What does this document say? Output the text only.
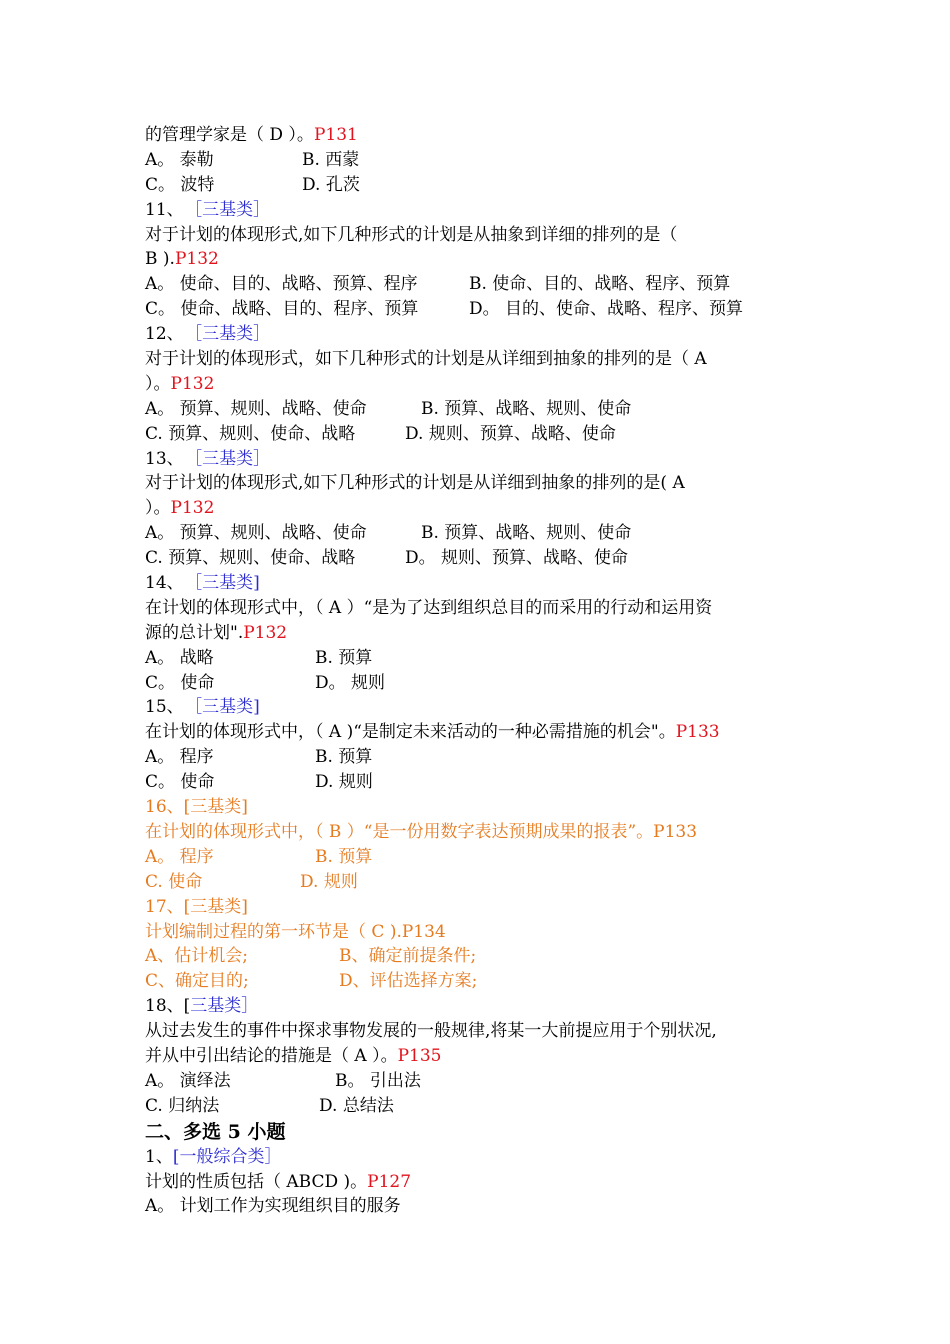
的管理学家是（ D ）。P131
A。 泰勒	B. 西蒙
C。 波特	D. 孔茨
11、 ［三基类］
对于计划的体现形式,如下几种形式的计划是从抽象到详细的排列的是（
B ).P132
A。 使命、目的、战略、预算、程序	B. 使命、目的、战略、程序、预算
C。 使命、战略、目的、程序、预算	D。 目的、使命、战略、程序、预算
12、 ［三基类］
对于计划的体现形式，如下几种形式的计划是从详细到抽象的排列的是（ A
）。P132
A。 预算、规则、战略、使命	B. 预算、战略、规则、使命
C. 预算、规则、使命、战略	D. 规则、预算、战略、使命
13、 ［三基类］
对于计划的体现形式,如下几种形式的计划是从详细到抽象的排列的是( A
）。P132
A。 预算、规则、战略、使命	B. 预算、战略、规则、使命
C. 预算、规则、使命、战略	D。 规则、预算、战略、使命
14、 ［三基类]
在计划的体现形式中，（ A ）“是为了达到组织总目的而采用的行动和运用资
源的总计划".P132
A。 战略	B. 预算
C。 使命	D。 规则
15、 ［三基类]
在计划的体现形式中，（ A )“是制定未来活动的一种必需措施的机会"。P133
A。 程序	B. 预算
C。 使命	D. 规则
16、[三基类]
在计划的体现形式中，（ B ）“是一份用数字表达预期成果的报表”。P133
A。 程序	B. 预算
C. 使命	D. 规则
17、[三基类]
计划编制过程的第一环节是（ C ).P134
A、估计机会;	B、确定前提条件;
C、确定目的;	D、评估选择方案;
18、[三基类］
从过去发生的事件中探求事物发展的一般规律,将某一大前提应用于个别状况,
并从中引出结论的措施是（ A ）。P135
A。 演绎法	B。 引出法
C. 归纳法	D. 总结法
二、多选 5 小题
1、[一般综合类］
计划的性质包括（ ABCD )。P127
A。 计划工作为实现组织目的服务
